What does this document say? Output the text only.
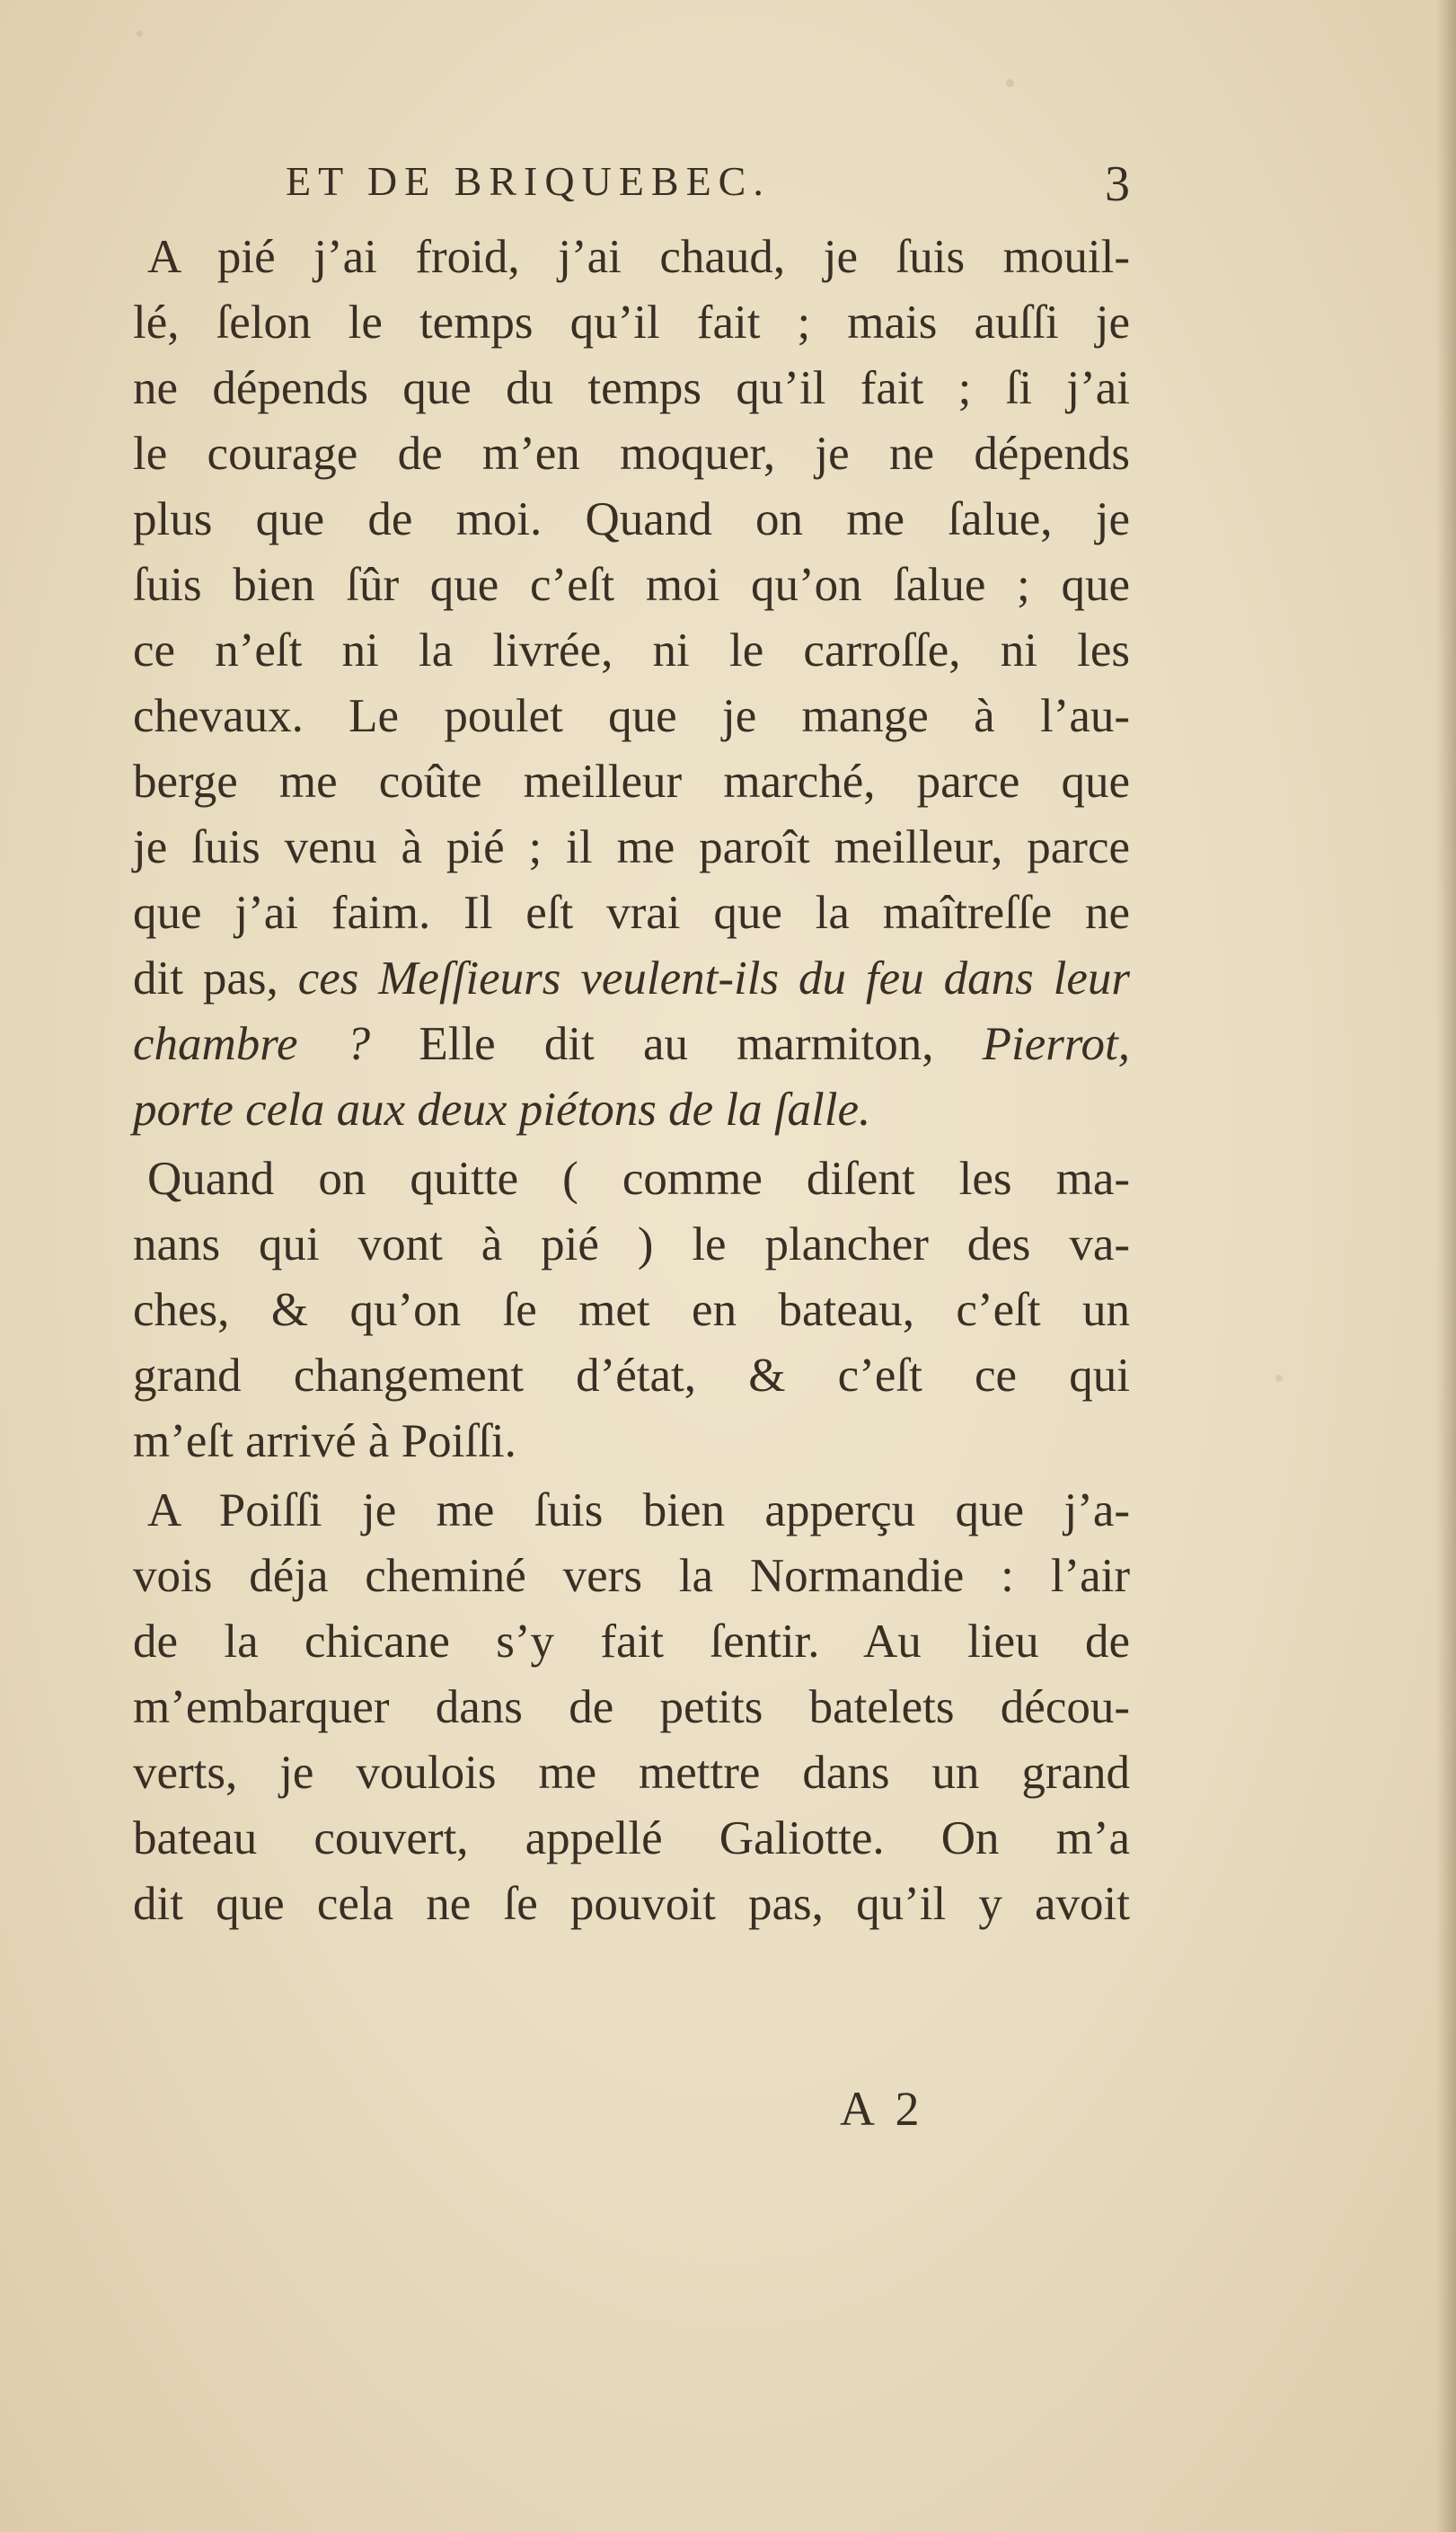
ET DE BRIQUEBEC.	3
A pié j’ai froid, j’ai chaud, je ſuis mouil-
lé, ſelon le temps qu’il fait ; mais auſſi je
ne dépends que du temps qu’il fait ; ſi j’ai
le courage de m’en moquer, je ne dépends
plus que de moi. Quand on me ſalue, je
ſuis bien ſûr que c’eſt moi qu’on ſalue ; que
ce n’eſt ni la livrée, ni le carroſſe, ni les
chevaux. Le poulet que je mange à l’au-
berge me coûte meilleur marché, parce que
je ſuis venu à pié ; il me paroît meilleur, parce
que j’ai faim. Il eſt vrai que la maîtreſſe ne
dit pas, ces Meſſieurs veulent-ils du feu dans leur
chambre ? Elle dit au marmiton, Pierrot,
porte cela aux deux piétons de la ſalle.
Quand on quitte ( comme diſent les ma-
nans qui vont à pié ) le plancher des va-
ches, & qu’on ſe met en bateau, c’eſt un
grand changement d’état, & c’eſt ce qui
m’eſt arrivé à Poiſſi.
A Poiſſi je me ſuis bien apperçu que j’a-
vois déja cheminé vers la Normandie : l’air
de la chicane s’y fait ſentir. Au lieu de
m’embarquer dans de petits batelets décou-
verts, je voulois me mettre dans un grand
bateau couvert, appellé Galiotte. On m’a
dit que cela ne ſe pouvoit pas, qu’il y avoit
A 2
